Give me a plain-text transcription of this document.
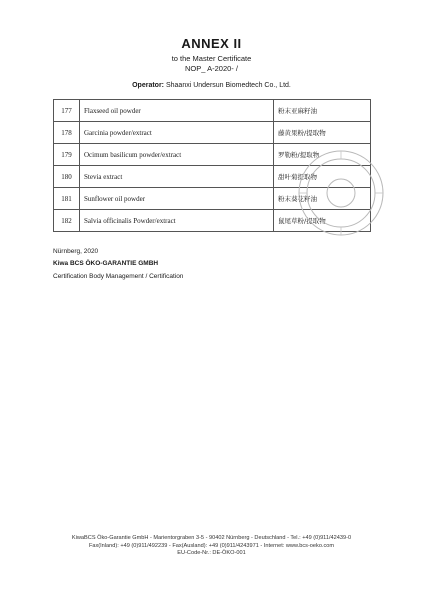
ANNEX II
to the Master Certificate
NOP_ A-2020- /
Operator: Shaanxi Undersun Biomedtech Co., Ltd.
177	Flaxseed oil powder	粉末亚麻籽油
178	Garcinia powder/extract	藤黄果粉/提取物
179	Ocimum basilicum powder/extract	罗勒粉/提取物
180	Stevia extract	甜叶菊提取物
181	Sunflower oil powder	粉末葵花籽油
182	Salvia officinalis Powder/extract	鼠尾草粉/提取物
Nürnberg, 2020
Kiwa BCS ÖKO-GARANTIE GMBH
Certification Body Management / Certification
KiwaBCS Öko-Garantie GmbH - Marientorgraben 3-5 - 90402 Nürnberg - Deutschland - Tel.: +49 (0)911/42439-0
Fax(Inland): +49 (0)911/492239 - Fax(Ausland): +49 (0)911/4243971 - Internet: www.bcs-oeko.com
EU-Code-Nr.: DE-ÖKO-001
